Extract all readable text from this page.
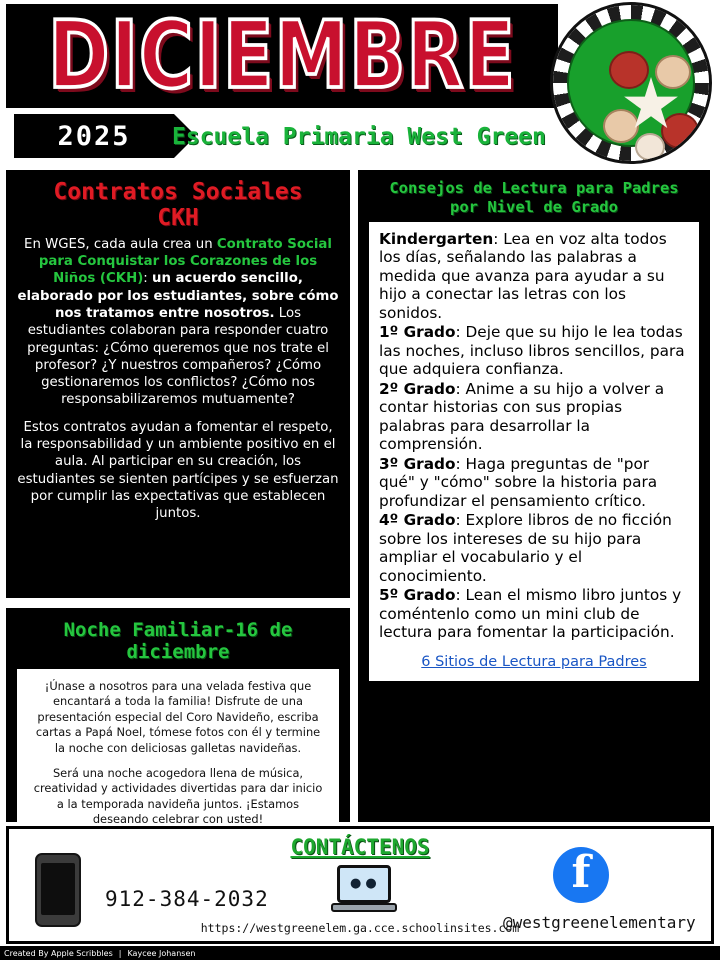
DICIEMBRE
2025 Escuela Primaria West Green
Contratos Sociales
CKH
En WGES, cada aula crea un Contrato Social para Conquistar los Corazones de los Niños (CKH): un acuerdo sencillo, elaborado por los estudiantes, sobre cómo nos tratamos entre nosotros. Los estudiantes colaboran para responder cuatro preguntas: ¿Cómo queremos que nos trate el profesor? ¿Y nuestros compañeros? ¿Cómo gestionaremos los conflictos? ¿Cómo nos responsabilizaremos mutuamente?
Estos contratos ayudan a fomentar el respeto, la responsabilidad y un ambiente positivo en el aula. Al participar en su creación, los estudiantes se sienten partícipes y se esfuerzan por cumplir las expectativas que establecen juntos.
Noche Familiar-16 de diciembre
¡Únase a nosotros para una velada festiva que encantará a toda la familia! Disfrute de una presentación especial del Coro Navideño, escriba cartas a Papá Noel, tómese fotos con él y termine la noche con deliciosas galletas navideñas.
Será una noche acogedora llena de música, creatividad y actividades divertidas para dar inicio a la temporada navideña juntos. ¡Estamos deseando celebrar con usted!
Consejos de Lectura para Padres
por Nivel de Grado

Kindergarten: Lea en voz alta todos los días, señalando las palabras a medida que avanza para ayudar a su hijo a conectar las letras con los sonidos.

1º Grado: Deje que su hijo le lea todas las noches, incluso libros sencillos, para que adquiera confianza.

2º Grado: Anime a su hijo a volver a contar historias con sus propias palabras para desarrollar la comprensión.

3º Grado: Haga preguntas de "por qué" y "cómo" sobre la historia para profundizar el pensamiento crítico.

4º Grado: Explore libros de no ficción sobre los intereses de su hijo para ampliar el vocabulario y el conocimiento.

5º Grado: Lean el mismo libro juntos y coméntenlo como un mini club de lectura para fomentar la participación.

6 Sitios de Lectura para Padres
CONTÁCTENOS
912-384-2032
●●	f
@westgreenelementary
https://westgreenelem.ga.cce.schoolinsites.com
Created By Apple Scribbles | Kaycee Johansen
